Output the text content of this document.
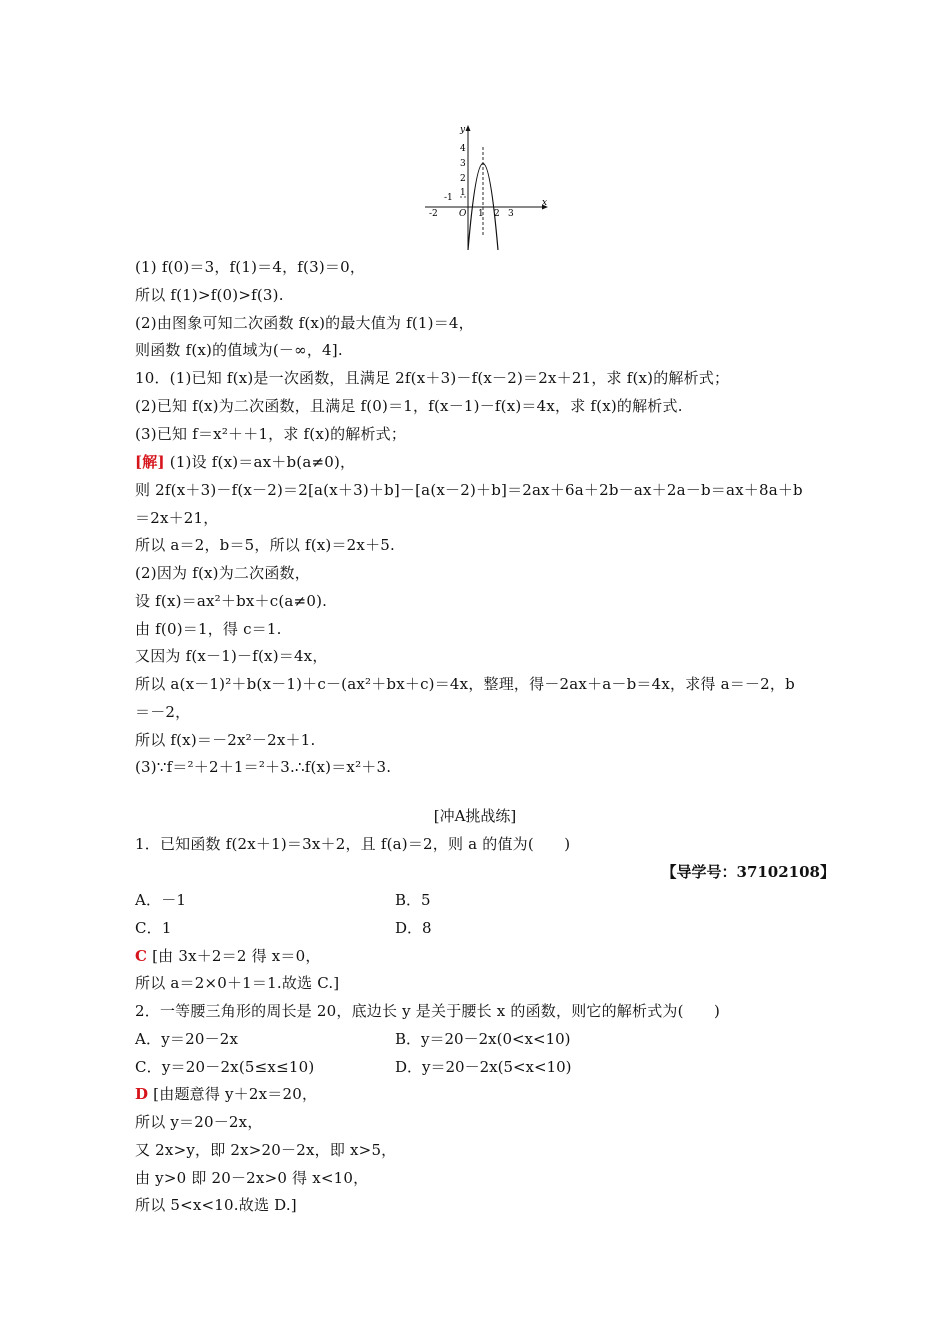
y
x
4
3
2
1
-1
-2 O 1 2 3
(1) f(0)＝3，f(1)＝4，f(3)＝0，
所以 f(1)>f(0)>f(3).
(2)由图象可知二次函数 f(x)的最大值为 f(1)＝4，
则函数 f(x)的值域为(－∞，4].
10．(1)已知 f(x)是一次函数，且满足 2f(x＋3)－f(x－2)＝2x＋21，求 f(x)的解析式；
(2)已知 f(x)为二次函数，且满足 f(0)＝1，f(x－1)－f(x)＝4x，求 f(x)的解析式.
(3)已知 f＝x²＋＋1，求 f(x)的解析式；
[解] (1)设 f(x)＝ax＋b(a≠0)，
则 2f(x＋3)－f(x－2)＝2[a(x＋3)＋b]－[a(x－2)＋b]＝2ax＋6a＋2b－ax＋2a－b＝ax＋8a＋b
＝2x＋21，
所以 a＝2，b＝5，所以 f(x)＝2x＋5.
(2)因为 f(x)为二次函数，
设 f(x)＝ax²＋bx＋c(a≠0).
由 f(0)＝1，得 c＝1.
又因为 f(x－1)－f(x)＝4x，
所以 a(x－1)²＋b(x－1)＋c－(ax²＋bx＋c)＝4x，整理，得－2ax＋a－b＝4x，求得 a＝－2，b
＝－2，
所以 f(x)＝－2x²－2x＋1.
(3)∵f＝²＋2＋1＝²＋3.∴f(x)＝x²＋3.
[冲A挑战练]
1．已知函数 f(2x＋1)＝3x＋2，且 f(a)＝2，则 a 的值为(　　)
【导学号：37102108】
A．－1	B．5
C．1	D．8
C [由 3x＋2＝2 得 x＝0，
所以 a＝2×0＋1＝1.故选 C.]
2．一等腰三角形的周长是 20，底边长 y 是关于腰长 x 的函数，则它的解析式为(　　)
A．y＝20－2x	B．y＝20－2x(0<x<10)
C．y＝20－2x(5≤x≤10)	D．y＝20－2x(5<x<10)
D [由题意得 y＋2x＝20，
所以 y＝20－2x，
又 2x>y，即 2x>20－2x，即 x>5，
由 y>0 即 20－2x>0 得 x<10，
所以 5<x<10.故选 D.]
